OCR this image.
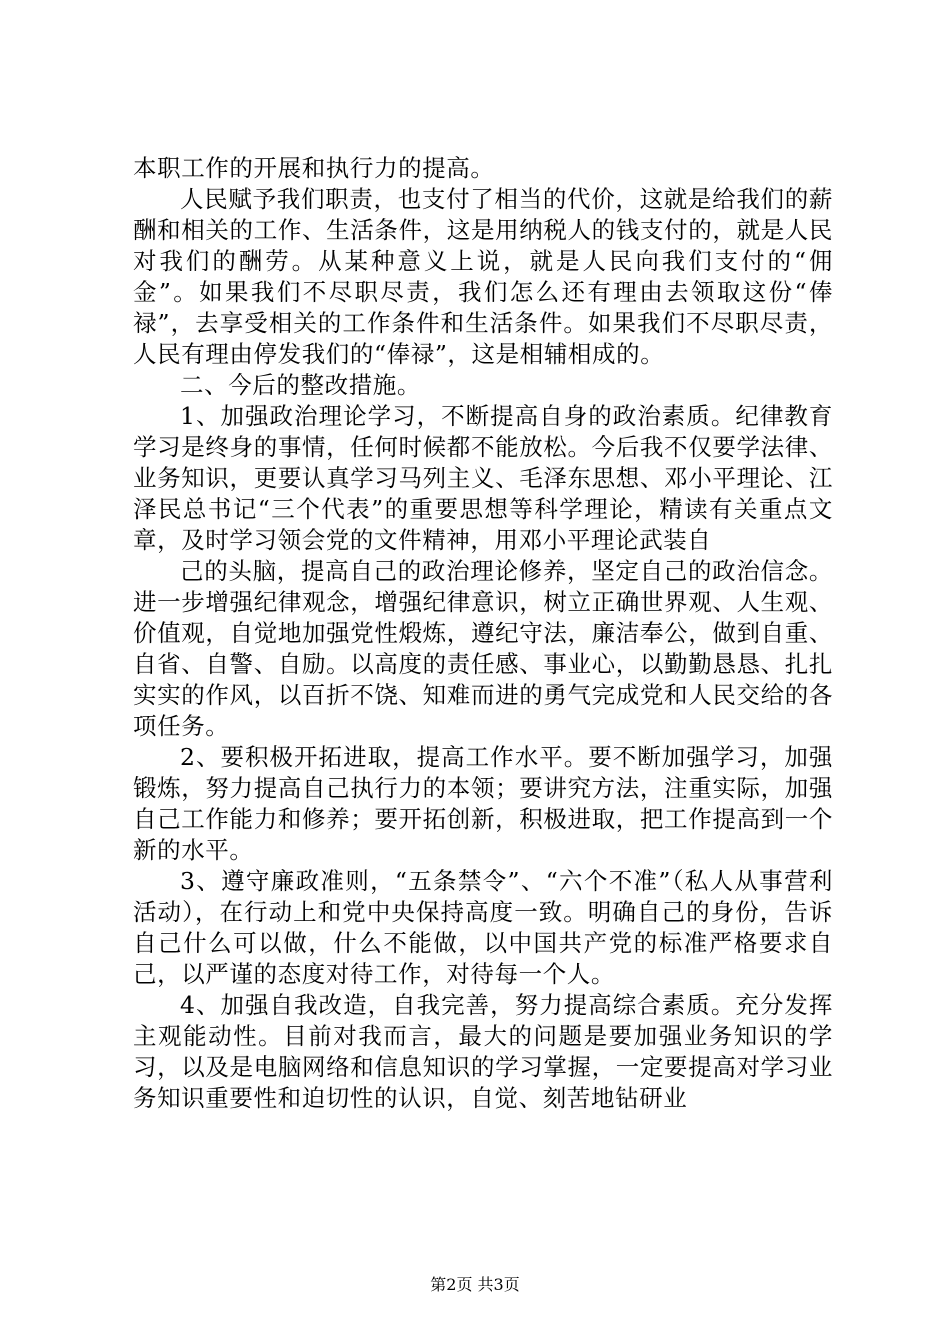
本职工作的开展和执行力的提高。

人民赋予我们职责，也支付了相当的代价，这就是给我们的薪酬和相关的工作、生活条件，这是用纳税人的钱支付的，就是人民对我们的酬劳。从某种意义上说，就是人民向我们支付的“佣金”。如果我们不尽职尽责，我们怎么还有理由去领取这份“俸禄”，去享受相关的工作条件和生活条件。如果我们不尽职尽责，人民有理由停发我们的“俸禄”，这是相辅相成的。

二、今后的整改措施。

1、加强政治理论学习，不断提高自身的政治素质。纪律教育学习是终身的事情，任何时候都不能放松。今后我不仅要学法律、业务知识，更要认真学习马列主义、毛泽东思想、邓小平理论、江泽民总书记“三个代表”的重要思想等科学理论，精读有关重点文章，及时学习领会党的文件精神，用邓小平理论武装自

己的头脑，提高自己的政治理论修养，坚定自己的政治信念。进一步增强纪律观念，增强纪律意识，树立正确世界观、人生观、价值观，自觉地加强党性煅炼，遵纪守法，廉洁奉公，做到自重、自省、自警、自励。以高度的责任感、事业心，以勤勤恳恳、扎扎实实的作风，以百折不饶、知难而进的勇气完成党和人民交给的各项任务。

2、要积极开拓进取，提高工作水平。要不断加强学习，加强锻炼，努力提高自己执行力的本领；要讲究方法，注重实际，加强自己工作能力和修养；要开拓创新，积极进取，把工作提高到一个新的水平。

3、遵守廉政准则，“五条禁令”、“六个不准”（私人从事营利活动），在行动上和党中央保持高度一致。明确自己的身份，告诉自己什么可以做，什么不能做，以中国共产党的标准严格要求自己，以严谨的态度对待工作，对待每一个人。

4、加强自我改造，自我完善，努力提高综合素质。充分发挥主观能动性。目前对我而言，最大的问题是要加强业务知识的学习，以及是电脑网络和信息知识的学习掌握，一定要提高对学习业务知识重要性和迫切性的认识，自觉、刻苦地钻研业

第2页 共3页
